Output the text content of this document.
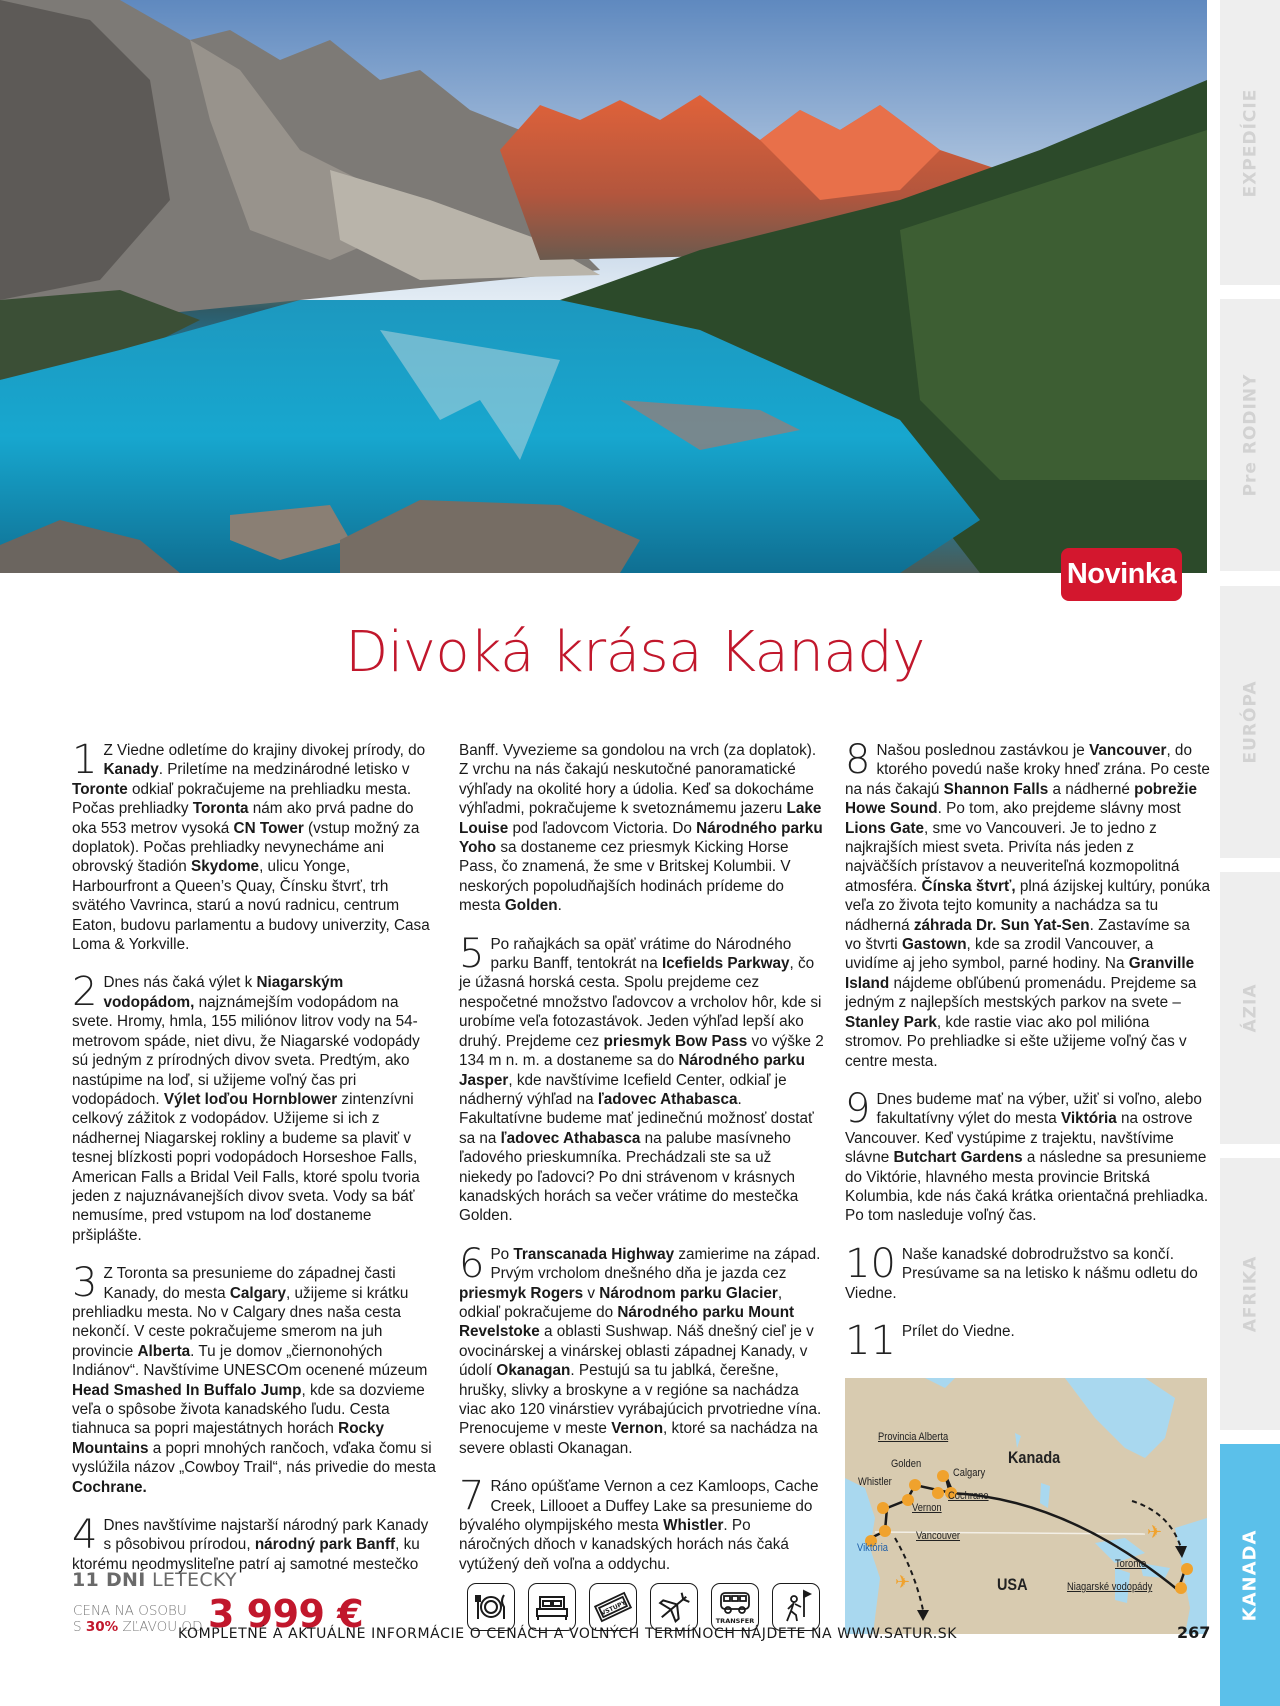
Novinka
Divoká krása Kanady
1 Z Viedne odletíme do krajiny divokej prírody, do Kanady. Priletíme na medzinárodné letisko v Toronte odkiaľ pokračujeme na prehliadku mesta. Počas prehliadky Toronta nám ako prvá padne do oka 553 metrov vysoká CN Tower (vstup možný za doplatok). Počas prehliadky nevynecháme ani obrovský štadión Skydome, ulicu Yonge, Harbourfront a Queen’s Quay, Čínsku štvrť, trh svätého Vavrinca, starú a novú radnicu, centrum Eaton, budovu parlamentu a budovy univerzity, Casa Loma & Yorkville.

2 Dnes nás čaká výlet k Niagarským vodopádom, najznámejším vodopádom na svete. Hromy, hmla, 155 miliónov litrov vody na 54-metrovom spáde, niet divu, že Niagarské vodopády sú jedným z prírodných divov sveta. Predtým, ako nastúpime na loď, si užijeme voľný čas pri vodopádoch. Výlet loďou Hornblower zintenzívni celkový zážitok z vodopádov. Užijeme si ich z nádhernej Niagarskej rokliny a budeme sa plaviť v tesnej blízkosti popri vodopádoch Horseshoe Falls, American Falls a Bridal Veil Falls, ktoré spolu tvoria jeden z najuznávanejších divov sveta. Vody sa báť nemusíme, pred vstupom na loď dostaneme pršiplášte.

3 Z Toronta sa presunieme do západnej časti Kanady, do mesta Calgary, užijeme si krátku prehliadku mesta. No v Calgary dnes naša cesta nekončí. V ceste pokračujeme smerom na juh provincie Alberta. Tu je domov „čiernonohých Indiánov“. Navštívime UNESCOm ocenené múzeum Head Smashed In Buffalo Jump, kde sa dozvieme veľa o spôsobe života kanadského ľudu. Cesta tiahnuca sa popri majestátnych horách Rocky Mountains a popri mnohých rančoch, vďaka čomu si vyslúžila názov „Cowboy Trail“, nás privedie do mesta Cochrane.

4 Dnes navštívime najstarší národný park Kanady s pôsobivou prírodou, národný park Banff, ku ktorému neodmysliteľne patrí aj samotné mestečko

Banff. Vyvezieme sa gondolou na vrch (za doplatok). Z vrchu na nás čakajú neskutočné panoramatické výhľady na okolité hory a údolia. Keď sa dokocháme výhľadmi, pokračujeme k svetoznámemu jazeru Lake Louise pod ľadovcom Victoria. Do Národného parku Yoho sa dostaneme cez priesmyk Kicking Horse Pass, čo znamená, že sme v Britskej Kolumbii. V neskorých popoludňajších hodinách prídeme do mesta Golden.

5 Po raňajkách sa opäť vrátime do Národného parku Banff, tentokrát na Icefields Parkway, čo je úžasná horská cesta. Spolu prejdeme cez nespočetné množstvo ľadovcov a vrcholov hôr, kde si urobíme veľa fotozastávok. Jeden výhľad lepší ako druhý. Prejdeme cez priesmyk Bow Pass vo výške 2 134 m n. m. a dostaneme sa do Národného parku Jasper, kde navštívime Icefield Center, odkiaľ je nádherný výhľad na ľadovec Athabasca. Fakultatívne budeme mať jedinečnú možnosť dostať sa na ľadovec Athabasca na palube masívneho ľadového prieskumníka. Prechádzali ste sa už niekedy po ľadovci? Po dni strávenom v krásnych kanadských horách sa večer vrátime do mestečka Golden.

6 Po Transcanada Highway zamierime na západ. Prvým vrcholom dnešného dňa je jazda cez priesmyk Rogers v Národnom parku Glacier, odkiaľ pokračujeme do Národného parku Mount Revelstoke a oblasti Sushwap. Náš dnešný cieľ je v ovocinárskej a vinárskej oblasti západnej Kanady, v údolí Okanagan. Pestujú sa tu jablká, čerešne, hrušky, slivky a broskyne a v regióne sa nachádza viac ako 120 vinárstiev vyrábajúcich prvotriedne vína. Prenocujeme v meste Vernon, ktoré sa nachádza na severe oblasti Okanagan.

7 Ráno opúšťame Vernon a cez Kamloops, Cache Creek, Lillooet a Duffey Lake sa presunieme do bývalého olympijského mesta Whistler. Po náročných dňoch v kanadských horách nás čaká vytúžený deň voľna a oddychu.

8 Našou poslednou zastávkou je Vancouver, do ktorého povedú naše kroky hneď zrána. Po ceste na nás čakajú Shannon Falls a nádherné pobrežie Howe Sound. Po tom, ako prejdeme slávny most Lions Gate, sme vo Vancouveri. Je to jedno z najkrajších miest sveta. Privíta nás jeden z najväčších prístavov a neuveriteľná kozmopolitná atmosféra. Čínska štvrť, plná ázijskej kultúry, ponúka veľa zo života tejto komunity a nachádza sa tu nádherná záhrada Dr. Sun Yat-Sen. Zastavíme sa vo štvrti Gastown, kde sa zrodil Vancouver, a uvidíme aj jeho symbol, parné hodiny. Na Granville Island nájdeme obľúbenú promenádu. Prejdeme sa jedným z najlepších mestských parkov na svete – Stanley Park, kde rastie viac ako pol milióna stromov. Po prehliadke si ešte užijeme voľný čas v centre mesta.

9 Dnes budeme mať na výber, užiť si voľno, alebo fakultatívny výlet do mesta Viktória na ostrove Vancouver. Keď vystúpime z trajektu, navštívime slávne Butchart Gardens a následne sa presunieme do Viktórie, hlavného mesta provincie Britská Kolumbia, kde nás čaká krátka orientačná prehliadka. Po tom nasleduje voľný čas.

10 Naše kanadské dobrodružstvo sa končí. Presúvame sa na letisko k nášmu odletu do Viedne.

11 Prílet do Viedne.

✈
✈
Provincia Alberta
Kanada
Golden
Calgary
Whistler
Cochrane
Vernon
Vancouver
Viktória
Toronto
USA	Niagarské vodopády
11 DNÍ LETECKY
CENA NA OSOBU
S 30% ZĽAVOU OD 3 999 €	VSTUPY
TRANSFER
KOMPLETNÉ A AKTUÁLNE INFORMÁCIE O CENÁCH A VOĽNÝCH TERMÍNOCH NÁJDETE NA WWW.SATUR.SK	267
EXPEDÍCIE
Pre RODINY
EURÓPA
ÁZIA
AFRIKA
KANADA
